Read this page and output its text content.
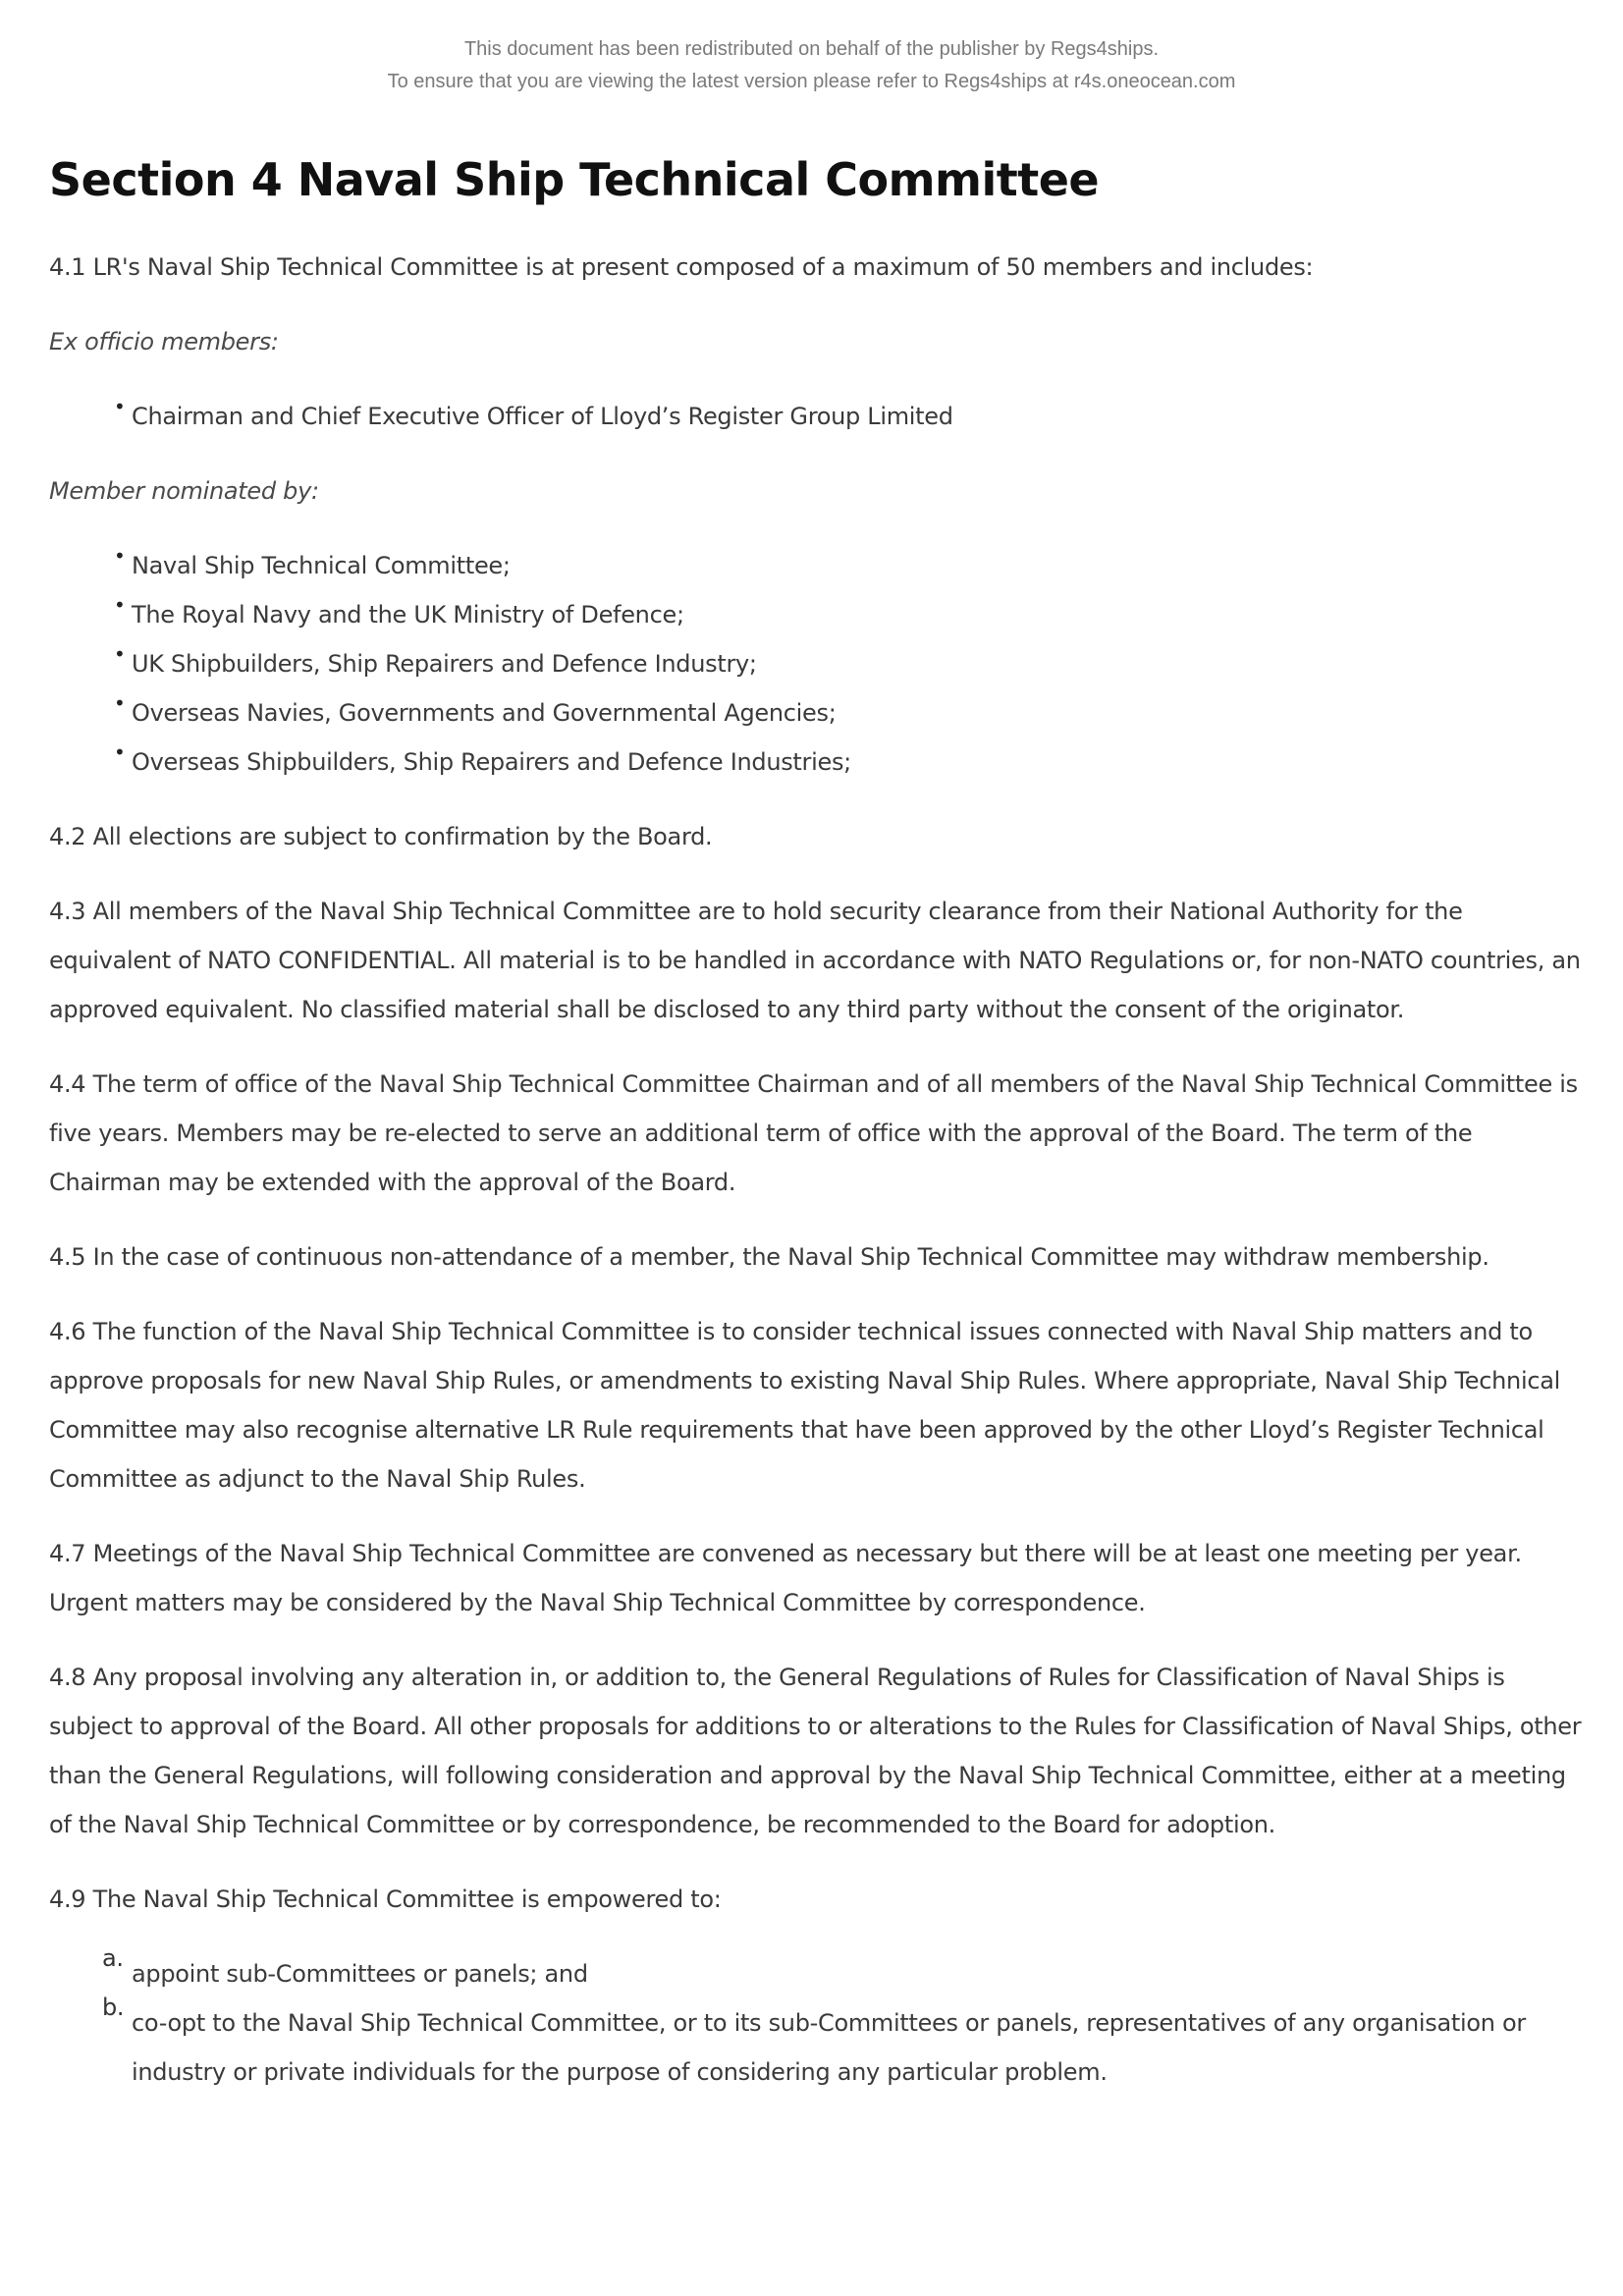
This document has been redistributed on behalf of the publisher by Regs4ships.
To ensure that you are viewing the latest version please refer to Regs4ships at r4s.oneocean.com
Section 4 Naval Ship Technical Committee

4.1 LR's Naval Ship Technical Committee is at present composed of a maximum of 50 members and includes:

Ex officio members:

• Chairman and Chief Executive Officer of Lloyd’s Register Group Limited

Member nominated by:

• Naval Ship Technical Committee;
• The Royal Navy and the UK Ministry of Defence;
• UK Shipbuilders, Ship Repairers and Defence Industry;
• Overseas Navies, Governments and Governmental Agencies;
• Overseas Shipbuilders, Ship Repairers and Defence Industries;

4.2 All elections are subject to confirmation by the Board.

4.3 All members of the Naval Ship Technical Committee are to hold security clearance from their National Authority for the equivalent of NATO CONFIDENTIAL. All material is to be handled in accordance with NATO Regulations or, for non-NATO countries, an approved equivalent. No classified material shall be disclosed to any third party without the consent of the originator.

4.4 The term of office of the Naval Ship Technical Committee Chairman and of all members of the Naval Ship Technical Committee is five years. Members may be re-elected to serve an additional term of office with the approval of the Board. The term of the Chairman may be extended with the approval of the Board.

4.5 In the case of continuous non-attendance of a member, the Naval Ship Technical Committee may withdraw membership.

4.6 The function of the Naval Ship Technical Committee is to consider technical issues connected with Naval Ship matters and to approve proposals for new Naval Ship Rules, or amendments to existing Naval Ship Rules. Where appropriate, Naval Ship Technical Committee may also recognise alternative LR Rule requirements that have been approved by the other Lloyd’s Register Technical Committee as adjunct to the Naval Ship Rules.

4.7 Meetings of the Naval Ship Technical Committee are convened as necessary but there will be at least one meeting per year. Urgent matters may be considered by the Naval Ship Technical Committee by correspondence.

4.8 Any proposal involving any alteration in, or addition to, the General Regulations of Rules for Classification of Naval Ships is subject to approval of the Board. All other proposals for additions to or alterations to the Rules for Classification of Naval Ships, other than the General Regulations, will following consideration and approval by the Naval Ship Technical Committee, either at a meeting of the Naval Ship Technical Committee or by correspondence, be recommended to the Board for adoption.

4.9 The Naval Ship Technical Committee is empowered to:

a.
appoint sub-Committees or panels; and
b.
co-opt to the Naval Ship Technical Committee, or to its sub-Committees or panels, representatives of any organisation or industry or private individuals for the purpose of considering any particular problem.
